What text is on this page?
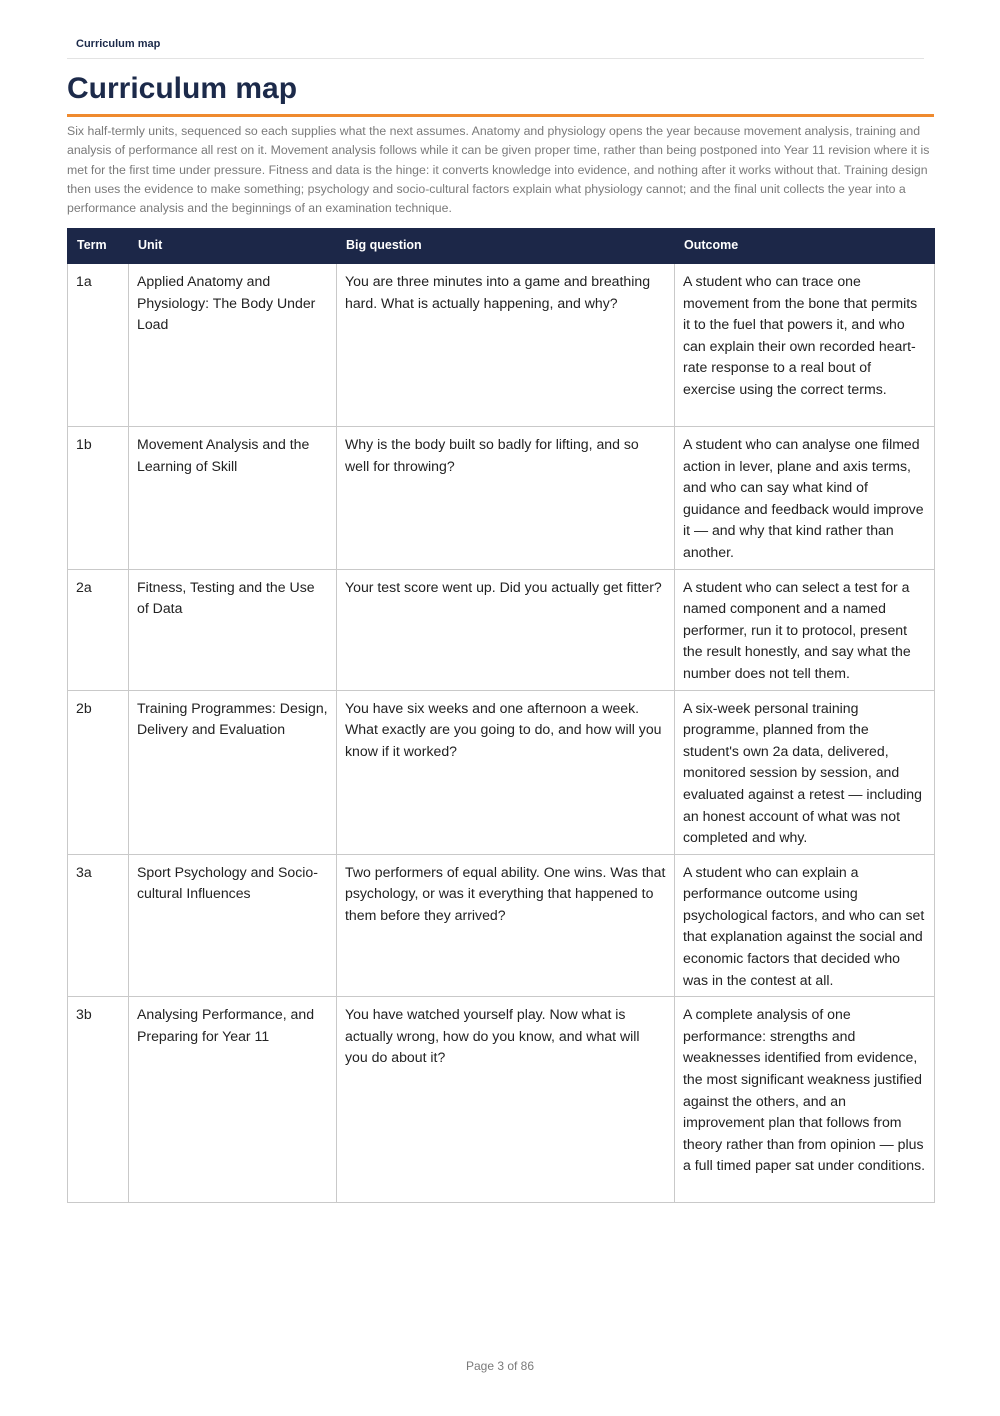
Curriculum map
Curriculum map

Six half-termly units, sequenced so each supplies what the next assumes. Anatomy and physiology opens the year because movement analysis, training and analysis of performance all rest on it. Movement analysis follows while it can be given proper time, rather than being postponed into Year 11 revision where it is met for the first time under pressure. Fitness and data is the hinge: it converts knowledge into evidence, and nothing after it works without that. Training design then uses the evidence to make something; psychology and socio-cultural factors explain what physiology cannot; and the final unit collects the year into a performance analysis and the beginnings of an examination technique.

Term	Unit	Big question	Outcome
1a	Applied Anatomy and Physiology: The Body Under Load	You are three minutes into a game and breathing hard. What is actually happening, and why?	A student who can trace one movement from the bone that permits it to the fuel that powers it, and who can explain their own recorded heart-rate response to a real bout of exercise using the correct terms.
1b	Movement Analysis and the Learning of Skill	Why is the body built so badly for lifting, and so well for throwing?	A student who can analyse one filmed action in lever, plane and axis terms, and who can say what kind of guidance and feedback would improve it — and why that kind rather than another.
2a	Fitness, Testing and the Use of Data	Your test score went up. Did you actually get fitter?	A student who can select a test for a named component and a named performer, run it to protocol, present the result honestly, and say what the number does not tell them.
2b	Training Programmes: Design, Delivery and Evaluation	You have six weeks and one afternoon a week. What exactly are you going to do, and how will you know if it worked?	A six-week personal training programme, planned from the student's own 2a data, delivered, monitored session by session, and evaluated against a retest — including an honest account of what was not completed and why.
3a	Sport Psychology and Socio-cultural Influences	Two performers of equal ability. One wins. Was that psychology, or was it everything that happened to them before they arrived?	A student who can explain a performance outcome using psychological factors, and who can set that explanation against the social and economic factors that decided who was in the contest at all.
3b	Analysing Performance, and Preparing for Year 11	You have watched yourself play. Now what is actually wrong, how do you know, and what will you do about it?	A complete analysis of one performance: strengths and weaknesses identified from evidence, the most significant weakness justified against the others, and an improvement plan that follows from theory rather than from opinion — plus a full timed paper sat under conditions.
Page 3 of 86
